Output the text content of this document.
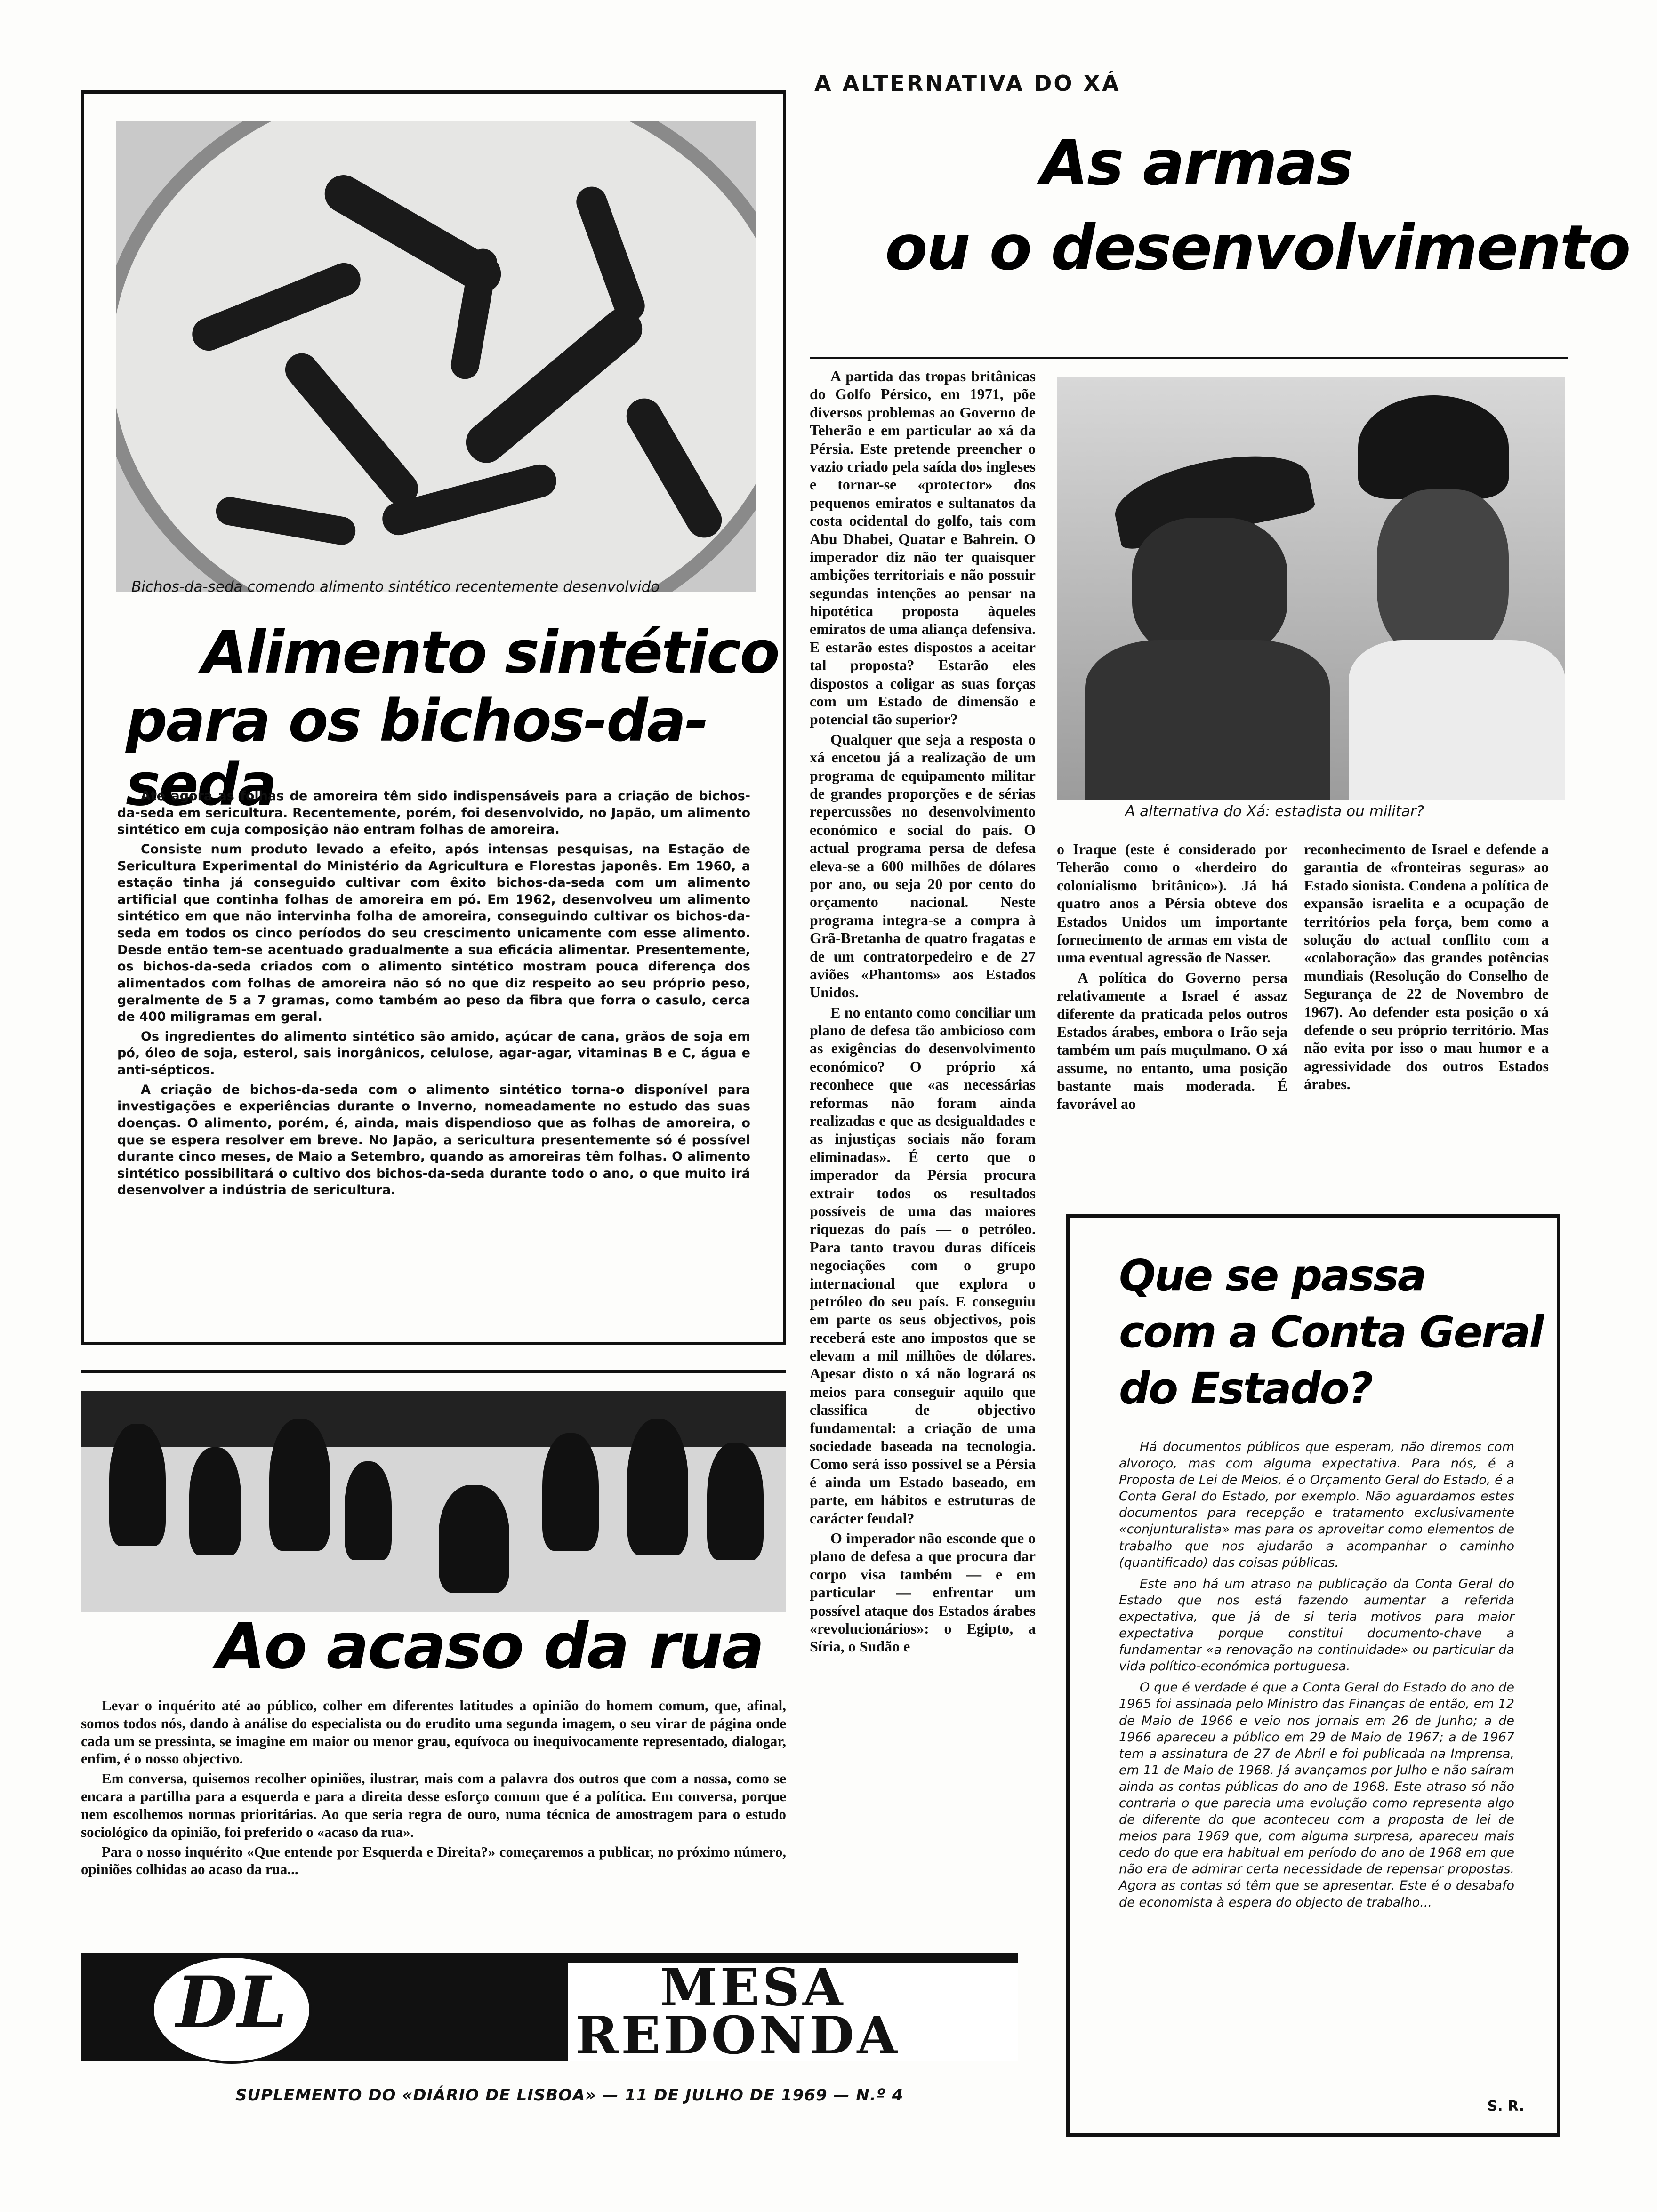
Bichos-da-seda comendo alimento sintético recentemente desenvolvido
Alimento sintético
para os bichos-da-seda

Até agora as folhas de amoreira têm sido indispensáveis para a criação de bichos-da-seda em sericultura. Recentemente, porém, foi desenvolvido, no Japão, um alimento sintético em cuja composição não entram folhas de amoreira.

Consiste num produto levado a efeito, após intensas pesquisas, na Estação de Sericultura Experimental do Ministério da Agricultura e Florestas japonês. Em 1960, a estação tinha já conseguido cultivar com êxito bichos-da-seda com um alimento artificial que continha folhas de amoreira em pó. Em 1962, desenvolveu um alimento sintético em que não intervinha folha de amoreira, conseguindo cultivar os bichos-da-seda em todos os cinco períodos do seu crescimento unicamente com esse alimento. Desde então tem-se acentuado gradualmente a sua eficácia alimentar. Presentemente, os bichos-da-seda criados com o alimento sintético mostram pouca diferença dos alimentados com folhas de amoreira não só no que diz respeito ao seu próprio peso, geralmente de 5 a 7 gramas, como também ao peso da fibra que forra o casulo, cerca de 400 miligramas em geral.

Os ingredientes do alimento sintético são amido, açúcar de cana, grãos de soja em pó, óleo de soja, esterol, sais inorgânicos, celulose, agar-agar, vitaminas B e C, água e anti-sépticos.

A criação de bichos-da-seda com o alimento sintético torna-o disponível para investigações e experiências durante o Inverno, nomeadamente no estudo das suas doenças. O alimento, porém, é, ainda, mais dispendioso que as folhas de amoreira, o que se espera resolver em breve. No Japão, a sericultura presentemente só é possível durante cinco meses, de Maio a Setembro, quando as amoreiras têm folhas. O alimento sintético possibilitará o cultivo dos bichos-da-seda durante todo o ano, o que muito irá desenvolver a indústria de sericultura.

A ALTERNATIVA DO XÁ
As armas
ou o desenvolvimento

A partida das tropas britânicas do Golfo Pérsico, em 1971, põe diversos problemas ao Governo de Teherão e em particular ao xá da Pérsia. Este pretende preencher o vazio criado pela saída dos ingleses e tornar-se «protector» dos pequenos emiratos e sultanatos da costa ocidental do golfo, tais com Abu Dhabei, Quatar e Bahrein. O imperador diz não ter quaisquer ambições territoriais e não possuir segundas intenções ao pensar na hipotética proposta àqueles emiratos de uma aliança defensiva. E estarão estes dispostos a aceitar tal proposta? Estarão eles dispostos a coligar as suas forças com um Estado de dimensão e potencial tão superior?

Qualquer que seja a resposta o xá encetou já a realização de um programa de equipamento militar de grandes proporções e de sérias repercussões no desenvolvimento económico e social do país. O actual programa persa de defesa eleva-se a 600 milhões de dólares por ano, ou seja 20 por cento do orçamento nacional. Neste programa integra-se a compra à Grã-Bretanha de quatro fragatas e de um contratorpedeiro e de 27 aviões «Phantoms» aos Estados Unidos.

E no entanto como conciliar um plano de defesa tão ambicioso com as exigências do desenvolvimento económico? O próprio xá reconhece que «as necessárias reformas não foram ainda realizadas e que as desigualdades e as injustiças sociais não foram eliminadas». É certo que o imperador da Pérsia procura extrair todos os resultados possíveis de uma das maiores riquezas do país — o petróleo. Para tanto travou duras difíceis negociações com o grupo internacional que explora o petróleo do seu país. E conseguiu em parte os seus objectivos, pois receberá este ano impostos que se elevam a mil milhões de dólares. Apesar disto o xá não logrará os meios para conseguir aquilo que classifica de objectivo fundamental: a criação de uma sociedade baseada na tecnologia. Como será isso possível se a Pérsia é ainda um Estado baseado, em parte, em hábitos e estruturas de carácter feudal?

O imperador não esconde que o plano de defesa a que procura dar corpo visa também — e em particular — enfrentar um possível ataque dos Estados árabes «revolucionários»: o Egipto, a Síria, o Sudão e

A alternativa do Xá: estadista ou militar?

o Iraque (este é considerado por Teherão como o «herdeiro do colonialismo britânico»). Já há quatro anos a Pérsia obteve dos Estados Unidos um importante fornecimento de armas em vista de uma eventual agressão de Nasser.

A política do Governo persa relativamente a Israel é assaz diferente da praticada pelos outros Estados árabes, embora o Irão seja também um país muçulmano. O xá assume, no entanto, uma posição bastante mais moderada. É favorável ao

reconhecimento de Israel e defende a garantia de «fronteiras seguras» ao Estado sionista. Condena a política de expansão israelita e a ocupação de territórios pela força, bem como a solução do actual conflito com a «colaboração» das grandes potências mundiais (Resolução do Conselho de Segurança de 22 de Novembro de 1967). Ao defender esta posição o xá defende o seu próprio território. Mas não evita por isso o mau humor e a agressividade dos outros Estados árabes.

Que se passa
com a Conta Geral
do Estado?

Há documentos públicos que esperam, não diremos com alvoroço, mas com alguma expectativa. Para nós, é a Proposta de Lei de Meios, é o Orçamento Geral do Estado, é a Conta Geral do Estado, por exemplo. Não aguardamos estes documentos para recepção e tratamento exclusivamente «conjunturalista» mas para os aproveitar como elementos de trabalho que nos ajudarão a acompanhar o caminho (quantificado) das coisas públicas.

Este ano há um atraso na publicação da Conta Geral do Estado que nos está fazendo aumentar a referida expectativa, que já de si teria motivos para maior expectativa porque constitui documento-chave a fundamentar «a renovação na continuidade» ou particular da vida político-económica portuguesa.

O que é verdade é que a Conta Geral do Estado do ano de 1965 foi assinada pelo Ministro das Finanças de então, em 12 de Maio de 1966 e veio nos jornais em 26 de Junho; a de 1966 apareceu a público em 29 de Maio de 1967; a de 1967 tem a assinatura de 27 de Abril e foi publicada na Imprensa, em 11 de Maio de 1968. Já avançamos por Julho e não saíram ainda as contas públicas do ano de 1968. Este atraso só não contraria o que parecia uma evolução como representa algo de diferente do que aconteceu com a proposta de lei de meios para 1969 que, com alguma surpresa, apareceu mais cedo do que era habitual em período do ano de 1968 em que não era de admirar certa necessidade de repensar propostas. Agora as contas só têm que se apresentar. Este é o desabafo de economista à espera do objecto de trabalho...

S. R.
Ao acaso da rua

Levar o inquérito até ao público, colher em diferentes latitudes a opinião do homem comum, que, afinal, somos todos nós, dando à análise do especialista ou do erudito uma segunda imagem, o seu virar de página onde cada um se pressinta, se imagine em maior ou menor grau, equívoca ou inequivocamente representado, dialogar, enfim, é o nosso objectivo.

Em conversa, quisemos recolher opiniões, ilustrar, mais com a palavra dos outros que com a nossa, como se encara a partilha para a esquerda e para a direita desse esforço comum que é a política. Em conversa, porque nem escolhemos normas prioritárias. Ao que seria regra de ouro, numa técnica de amostragem para o estudo sociológico da opinião, foi preferido o «acaso da rua».

Para o nosso inquérito «Que entende por Esquerda e Direita?» começaremos a publicar, no próximo número, opiniões colhidas ao acaso da rua...

DL	MESA
REDONDA
SUPLEMENTO DO «DIÁRIO DE LISBOA» — 11 DE JULHO DE 1969 — N.º 4
